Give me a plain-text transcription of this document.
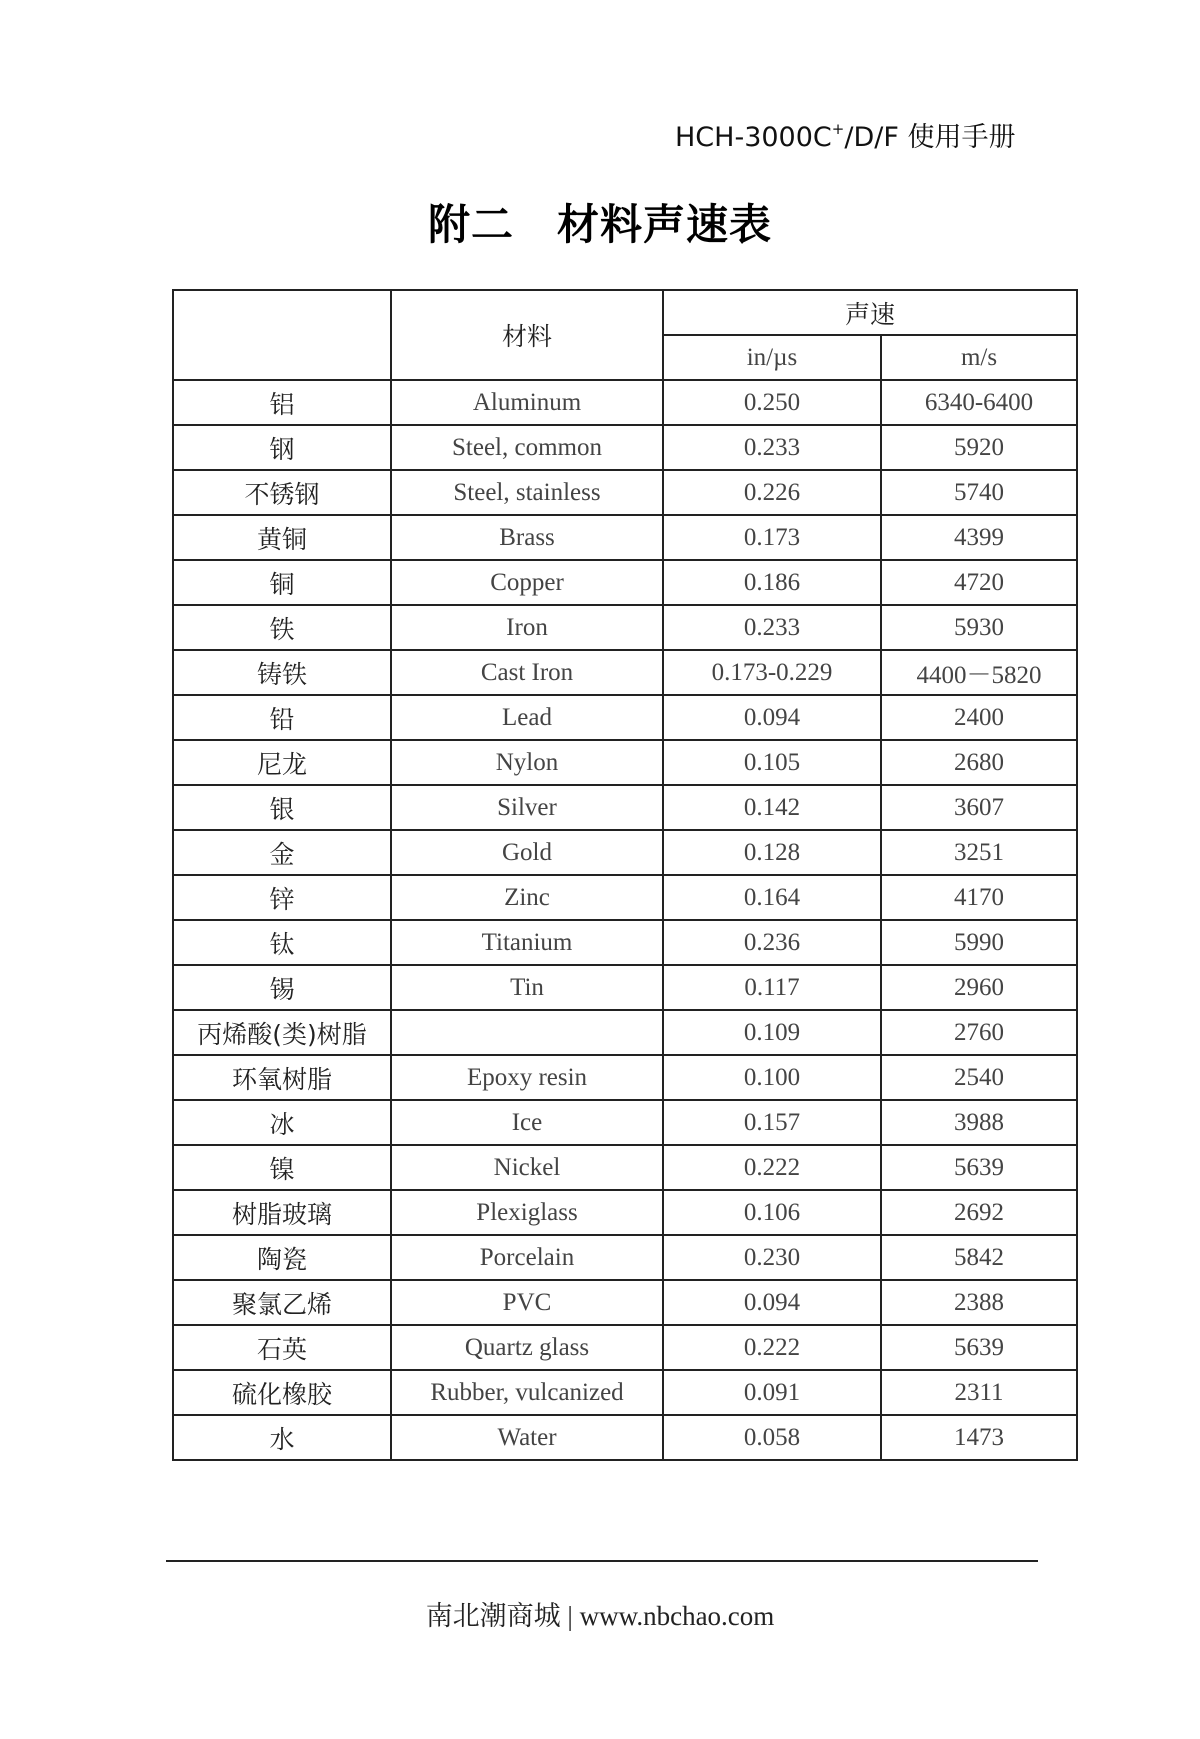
HCH-3000C+/D/F 使用手册
附二　材料声速表
	材料	声速	
		in/µs	m/s
铝	Aluminum	0.250	6340-6400
钢	Steel, common	0.233	5920
不锈钢	Steel, stainless	0.226	5740
黄铜	Brass	0.173	4399
铜	Copper	0.186	4720
铁	Iron	0.233	5930
铸铁	Cast Iron	0.173-0.229	4400－5820
铅	Lead	0.094	2400
尼龙	Nylon	0.105	2680
银	Silver	0.142	3607
金	Gold	0.128	3251
锌	Zinc	0.164	4170
钛	Titanium	0.236	5990
锡	Tin	0.117	2960
丙烯酸(类)树脂		0.109	2760
环氧树脂	Epoxy resin	0.100	2540
冰	Ice	0.157	3988
镍	Nickel	0.222	5639
树脂玻璃	Plexiglass	0.106	2692
陶瓷	Porcelain	0.230	5842
聚氯乙烯	PVC	0.094	2388
石英	Quartz glass	0.222	5639
硫化橡胶	Rubber, vulcanized	0.091	2311
水	Water	0.058	1473
南北潮商城 | www.nbchao.com
